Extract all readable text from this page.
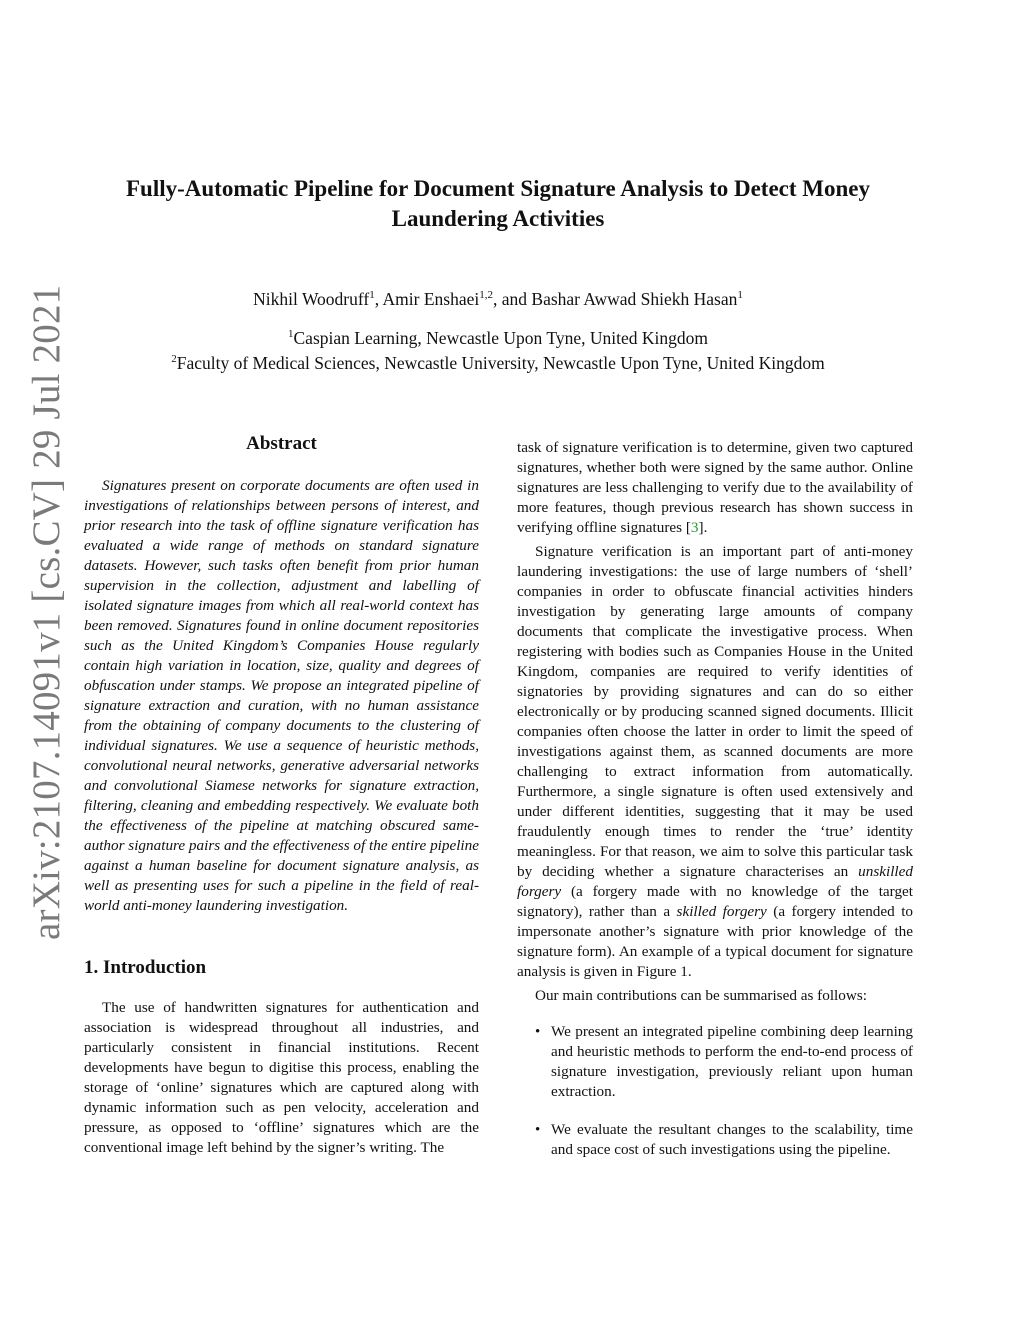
arXiv:2107.14091v1 [cs.CV] 29 Jul 2021
Fully-Automatic Pipeline for Document Signature Analysis to Detect Money
Laundering Activities
Nikhil Woodruff$^1$, Amir Enshaei$^{1,2}$, and Bashar Awwad Shiekh Hasan$^1$
$^1$Caspian Learning, Newcastle Upon Tyne, United Kingdom
$^2$Faculty of Medical Sciences, Newcastle University, Newcastle Upon Tyne, United Kingdom
Abstract

Signatures present on corporate documents are often used in investigations of relationships between persons of interest, and prior research into the task of offline signature verification has evaluated a wide range of methods on standard signature datasets. However, such tasks often benefit from prior human supervision in the collection, adjustment and labelling of isolated signature images from which all real-world context has been removed. Signatures found in online document repositories such as the United Kingdom’s Companies House regularly contain high variation in location, size, quality and degrees of obfuscation under stamps. We propose an integrated pipeline of signature extraction and curation, with no human assistance from the obtaining of company documents to the clustering of individual signatures. We use a sequence of heuristic methods, convolutional neural networks, generative adversarial networks and convolutional Siamese networks for signature extraction, filtering, cleaning and embedding respectively. We evaluate both the effectiveness of the pipeline at matching obscured same-author signature pairs and the effectiveness of the entire pipeline against a human baseline for document signature analysis, as well as presenting uses for such a pipeline in the field of real-world anti-money laundering investigation.

1. Introduction

The use of handwritten signatures for authentication and association is widespread throughout all industries, and particularly consistent in financial institutions. Recent developments have begun to digitise this process, enabling the storage of ‘online’ signatures which are captured along with dynamic information such as pen velocity, acceleration and pressure, as opposed to ‘offline’ signatures which are the conventional image left behind by the signer’s writing. The

task of signature verification is to determine, given two captured signatures, whether both were signed by the same author. Online signatures are less challenging to verify due to the availability of more features, though previous research has shown success in verifying offline signatures [3].

Signature verification is an important part of anti-money laundering investigations: the use of large numbers of ‘shell’ companies in order to obfuscate financial activities hinders investigation by generating large amounts of company documents that complicate the investigative process. When registering with bodies such as Companies House in the United Kingdom, companies are required to verify identities of signatories by providing signatures and can do so either electronically or by producing scanned signed documents. Illicit companies often choose the latter in order to limit the speed of investigations against them, as scanned documents are more challenging to extract information from automatically. Furthermore, a single signature is often used extensively and under different identities, suggesting that it may be used fraudulently enough times to render the ‘true’ identity meaningless. For that reason, we aim to solve this particular task by deciding whether a signature characterises an unskilled forgery (a forgery made with no knowledge of the target signatory), rather than a skilled forgery (a forgery intended to impersonate another’s signature with prior knowledge of the signature form). An example of a typical document for signature analysis is given in Figure 1.

Our main contributions can be summarised as follows:

• We present an integrated pipeline combining deep learning and heuristic methods to perform the end-to-end process of signature investigation, previously reliant upon human extraction.

• We evaluate the resultant changes to the scalability, time and space cost of such investigations using the pipeline.
